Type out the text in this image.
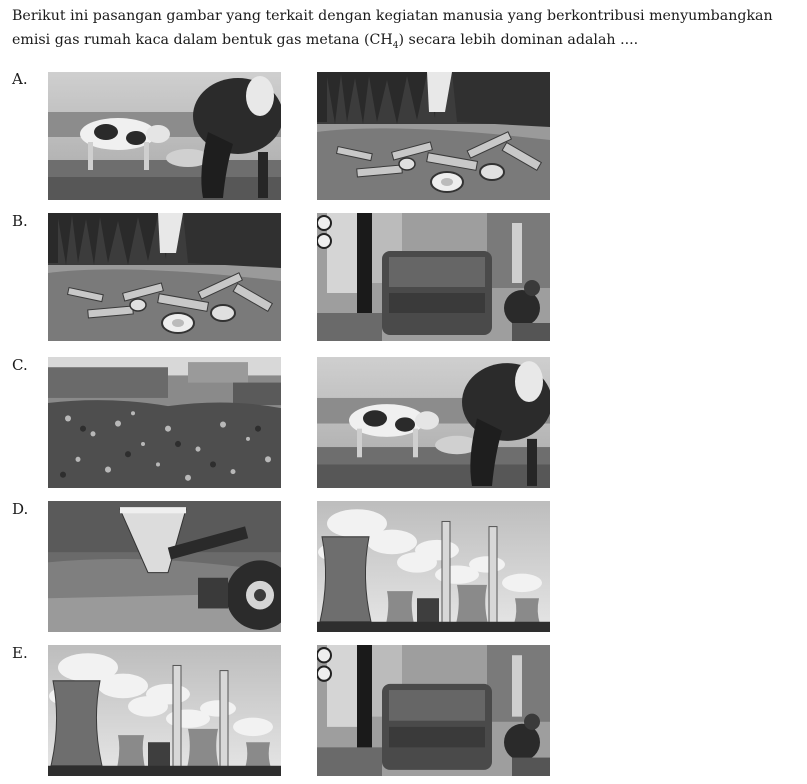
Berikut ini pasangan gambar yang terkait dengan kegiatan manusia yang berkontribusi menyumbangkan emisi gas rumah kaca dalam bentuk gas metana $(CH_4)$ secara lebih dominan adalah ....
A.
B.
C.
D.
E.
